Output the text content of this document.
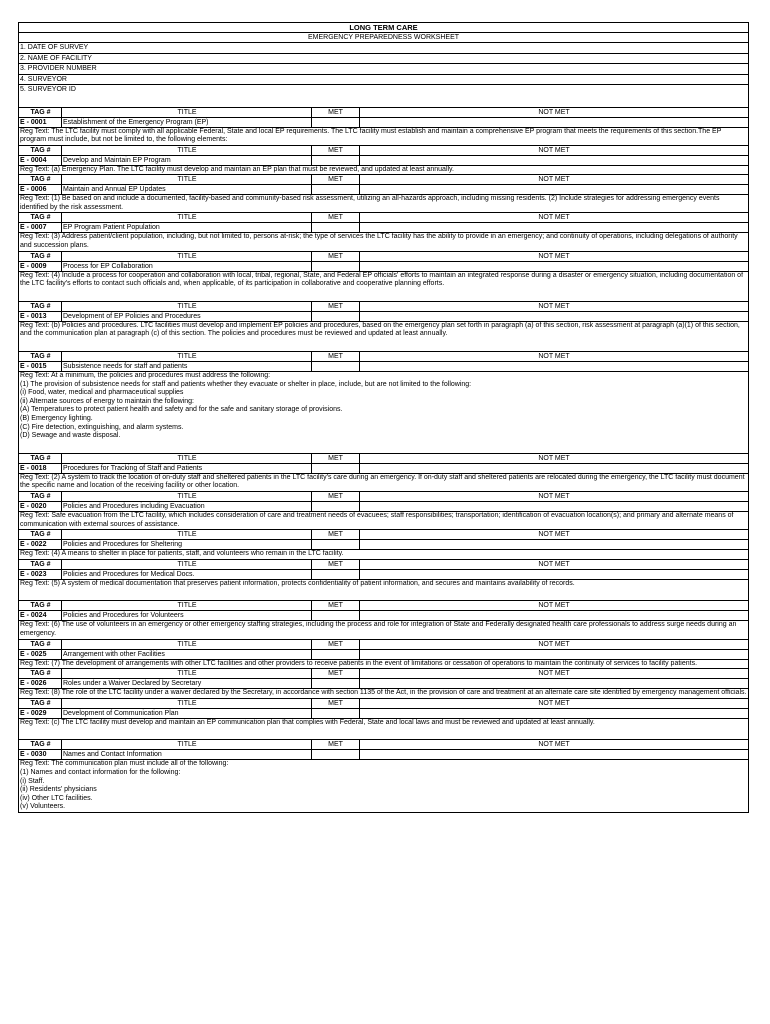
LONG TERM CARE
EMERGENCY PREPAREDNESS WORKSHEET
1. DATE OF SURVEY
2. NAME OF FACILITY
3. PROVIDER NUMBER
4. SURVEYOR
5. SURVEYOR ID
TAG #	TITLE	MET	NOT MET
E - 0001	Establishment of the Emergency Program (EP)
Reg Text: The LTC facility must comply with all applicable Federal, State and local EP requirements. The LTC facility must establish and maintain a comprehensive EP program that meets the requirements of this section.The EP program must include, but not be limited to, the following elements:
TAG #	TITLE	MET	NOT MET
E - 0004	Develop and Maintain EP Program
Reg Text: (a) Emergency Plan. The LTC facility must develop and maintain an EP plan that must be reviewed, and updated at least annually.
TAG #	TITLE	MET	NOT MET
E - 0006	Maintain and Annual EP Updates
Reg Text: (1) Be based on and include a documented, facility-based and community-based risk assessment, utilizing an all-hazards approach, including missing residents. (2) Include strategies for addressing emergency events identified by the risk assessment.
TAG #	TITLE	MET	NOT MET
E - 0007	EP Program Patient Population
Reg Text: (3) Address patient/client population, including, but not limited to, persons at-risk; the type of services the LTC facility has the ability to provide in an emergency; and continuity of operations, including delegations of authority and succession plans.
TAG #	TITLE	MET	NOT MET
E - 0009	Process for EP Collaboration
Reg Text: (4) Include a process for cooperation and collaboration with local, tribal, regional, State, and Federal EP officials' efforts to maintain an integrated response during a disaster or emergency situation, including documentation of the LTC facility's efforts to contact such officials and, when applicable, of its participation in collaborative and cooperative planning efforts.
TAG #	TITLE	MET	NOT MET
E - 0013	Development of EP Policies and Procedures
Reg Text: (b) Policies and procedures. LTC facilities must develop and implement EP policies and procedures, based on the emergency plan set forth in paragraph (a) of this section, risk assessment at paragraph (a)(1) of this section, and the communication plan at paragraph (c) of this section. The policies and procedures must be reviewed and updated at least annually.
TAG #	TITLE	MET	NOT MET
E - 0015	Subsistence needs for staff and patients
Reg Text: At a minimum, the policies and procedures must address the following:
(1) The provision of subsistence needs for staff and patients whether they evacuate or shelter in place, include, but are not limited to the following:
(i) Food, water, medical and pharmaceutical supplies
(ii) Alternate sources of energy to maintain the following:
(A) Temperatures to protect patient health and safety and for the safe and sanitary storage of provisions.
(B) Emergency lighting.
(C) Fire detection, extinguishing, and alarm systems.
(D) Sewage and waste disposal.
TAG #	TITLE	MET	NOT MET
E - 0018	Procedures for Tracking of Staff and Patients
Reg Text: (2) A system to track the location of on-duty staff and sheltered patients in the LTC facility's care during an emergency. If on-duty staff and sheltered patients are relocated during the emergency, the LTC facility must document the specific name and location of the receiving facility or other location.
TAG #	TITLE	MET	NOT MET
E - 0020	Policies and Procedures including Evacuation
Reg Text: Safe evacuation from the LTC facility, which includes consideration of care and treatment needs of evacuees; staff responsibilities; transportation; identification of evacuation location(s); and primary and alternate means of communication with external sources of assistance.
TAG #	TITLE	MET	NOT MET
E - 0022	Policies and Procedures for Sheltering
Reg Text: (4) A means to shelter in place for patients, staff, and volunteers who remain in the LTC facility.
TAG #	TITLE	MET	NOT MET
E - 0023	Policies and Procedures for Medical Docs.
Reg Text: (5) A system of medical documentation that preserves patient information, protects confidentiality of patient information, and secures and maintains availability of records.
TAG #	TITLE	MET	NOT MET
E - 0024	Policies and Procedures for Volunteers
Reg Text: (6) The use of volunteers in an emergency or other emergency staffing strategies, including the process and role for integration of State and Federally designated health care professionals to address surge needs during an emergency.
TAG #	TITLE	MET	NOT MET
E - 0025	Arrangement with other Facilities
Reg Text: (7) The development of arrangements with other LTC facilities and other providers to receive patients in the event of limitations or cessation of operations to maintain the continuity of services to facility patients.
TAG #	TITLE	MET	NOT MET
E - 0026	Roles under a Waiver Declared by Secretary
Reg Text: (8) The role of the LTC facility under a waiver declared by the Secretary, in accordance with section 1135 of the Act, in the provision of care and treatment at an alternate care site identified by emergency management officials.
TAG #	TITLE	MET	NOT MET
E - 0029	Development of Communication Plan
Reg Text: (c) The LTC facility must develop and maintain an EP communication plan that complies with Federal, State and local laws and must be reviewed and updated at least annually.
TAG #	TITLE	MET	NOT MET
E - 0030	Names and Contact Information
Reg Text: The communication plan must include all of the following:
(1) Names and contact information for the following:
(i) Staff.
(ii) Residents' physicians
(iv) Other LTC facilities.
(v) Volunteers.
